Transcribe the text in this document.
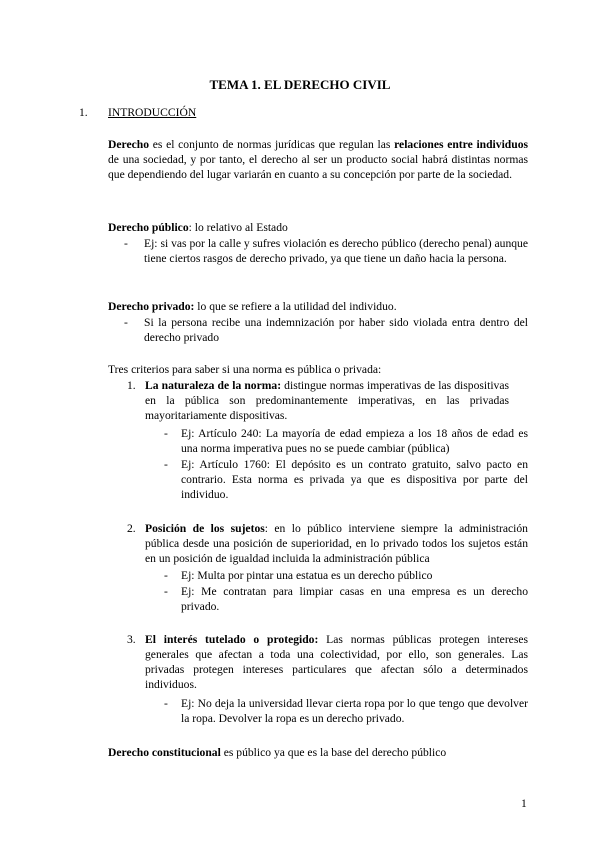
TEMA 1. EL DERECHO CIVIL
1. INTRODUCCIÓN
Derecho es el conjunto de normas jurídicas que regulan las relaciones entre individuos de una sociedad, y por tanto, el derecho al ser un producto social habrá distintas normas que dependiendo del lugar variarán en cuanto a su concepción por parte de la sociedad.
Derecho público: lo relativo al Estado
- Ej: si vas por la calle y sufres violación es derecho público (derecho penal) aunque tiene ciertos rasgos de derecho privado, ya que tiene un daño hacia la persona.
Derecho privado: lo que se refiere a la utilidad del individuo.
- Si la persona recibe una indemnización por haber sido violada entra dentro del derecho privado
Tres criterios para saber si una norma es pública o privada:
1. La naturaleza de la norma: distingue normas imperativas de las dispositivas en la pública son predominantemente imperativas, en las privadas mayoritariamente dispositivas.
- Ej: Artículo 240: La mayoría de edad empieza a los 18 años de edad es una norma imperativa pues no se puede cambiar (pública)
- Ej: Artículo 1760: El depósito es un contrato gratuito, salvo pacto en contrario. Esta norma es privada ya que es dispositiva por parte del individuo.
2. Posición de los sujetos: en lo público interviene siempre la administración pública desde una posición de superioridad, en lo privado todos los sujetos están en un posición de igualdad incluida la administración pública
- Ej: Multa por pintar una estatua es un derecho público
- Ej: Me contratan para limpiar casas en una empresa es un derecho privado.
3. El interés tutelado o protegido: Las normas públicas protegen intereses generales que afectan a toda una colectividad, por ello, son generales. Las privadas protegen intereses particulares que afectan sólo a determinados individuos.
- Ej: No deja la universidad llevar cierta ropa por lo que tengo que devolver la ropa. Devolver la ropa es un derecho privado.
Derecho constitucional es público ya que es la base del derecho público
1
